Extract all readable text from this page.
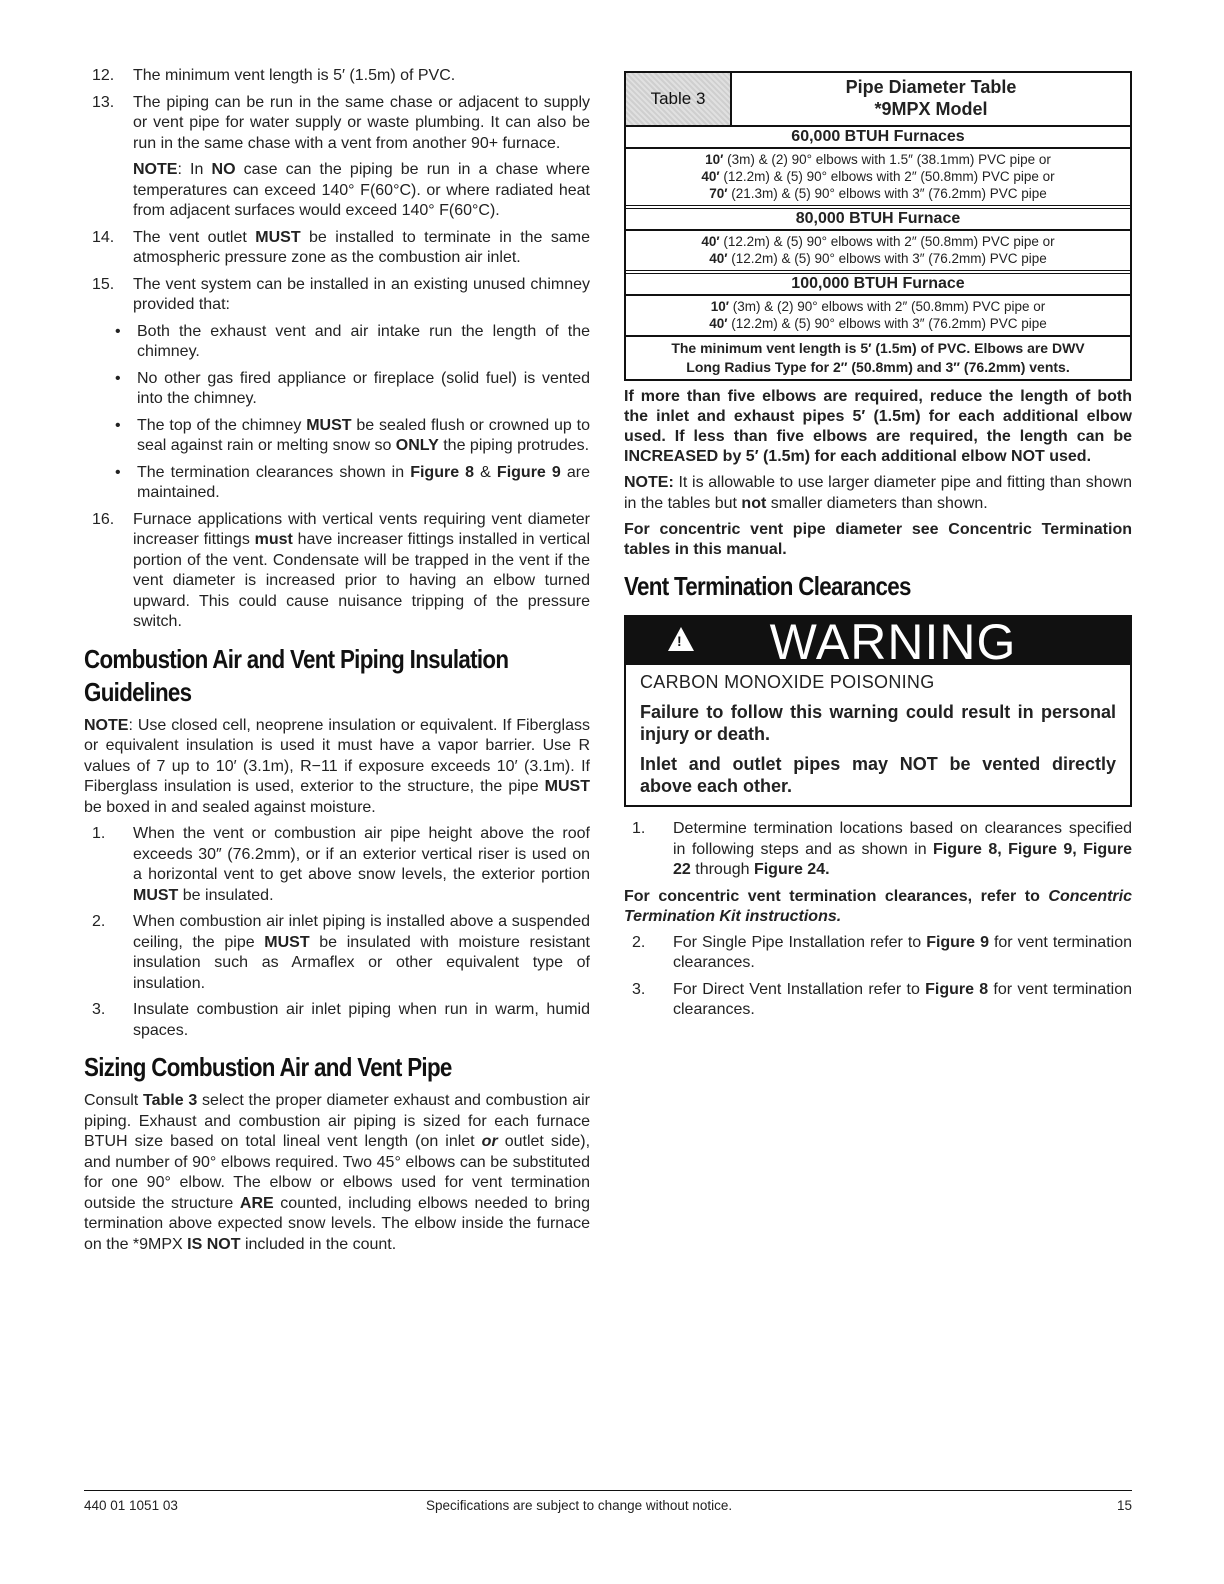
12. The minimum vent length is 5′ (1.5m) of PVC.
13. The piping can be run in the same chase or adjacent to supply or vent pipe for water supply or waste plumbing. It can also be run in the same chase with a vent from another 90+ furnace.
NOTE: In NO case can the piping be run in a chase where temperatures can exceed 140° F(60°C). or where radiated heat from adjacent surfaces would exceed 140° F(60°C).
14. The vent outlet MUST be installed to terminate in the same atmospheric pressure zone as the combustion air inlet.
15. The vent system can be installed in an existing unused chimney provided that:
• Both the exhaust vent and air intake run the length of the chimney.
• No other gas fired appliance or fireplace (solid fuel) is vented into the chimney.
• The top of the chimney MUST be sealed flush or crowned up to seal against rain or melting snow so ONLY the piping protrudes.
• The termination clearances shown in Figure 8 & Figure 9 are maintained.
16. Furnace applications with vertical vents requiring vent diameter increaser fittings must have increaser fittings installed in vertical portion of the vent. Condensate will be trapped in the vent if the vent diameter is increased prior to having an elbow turned upward. This could cause nuisance tripping of the pressure switch.
Combustion Air and Vent Piping Insulation Guidelines

NOTE: Use closed cell, neoprene insulation or equivalent. If Fiberglass or equivalent insulation is used it must have a vapor barrier. Use R values of 7 up to 10′ (3.1m), R−11 if exposure exceeds 10′ (3.1m). If Fiberglass insulation is used, exterior to the structure, the pipe MUST be boxed in and sealed against moisture.

1. When the vent or combustion air pipe height above the roof exceeds 30″ (76.2mm), or if an exterior vertical riser is used on a horizontal vent to get above snow levels, the exterior portion MUST be insulated.
2. When combustion air inlet piping is installed above a suspended ceiling, the pipe MUST be insulated with moisture resistant insulation such as Armaflex or other equivalent type of insulation.
3. Insulate combustion air inlet piping when run in warm, humid spaces.
Sizing Combustion Air and Vent Pipe

Consult Table 3 select the proper diameter exhaust and combustion air piping. Exhaust and combustion air piping is sized for each furnace BTUH size based on total lineal vent length (on inlet or outlet side), and number of 90° elbows required. Two 45° elbows can be substituted for one 90° elbow. The elbow or elbows used for vent termination outside the structure ARE counted, including elbows needed to bring termination above expected snow levels. The elbow inside the furnace on the *9MPX IS NOT included in the count.

Table 3
Pipe Diameter Table
*9MPX Model
60,000 BTUH Furnaces
10′ (3m) & (2) 90° elbows with 1.5″ (38.1mm) PVC pipe or
40′ (12.2m) & (5) 90° elbows with 2″ (50.8mm) PVC pipe or
70′ (21.3m) & (5) 90° elbows with 3″ (76.2mm) PVC pipe
80,000 BTUH Furnace
40′ (12.2m) & (5) 90° elbows with 2″ (50.8mm) PVC pipe or
40′ (12.2m) & (5) 90° elbows with 3″ (76.2mm) PVC pipe
100,000 BTUH Furnace
10′ (3m) & (2) 90° elbows with 2″ (50.8mm) PVC pipe or
40′ (12.2m) & (5) 90° elbows with 3″ (76.2mm) PVC pipe
The minimum vent length is 5′ (1.5m) of PVC. Elbows are DWV
Long Radius Type for 2″ (50.8mm) and 3″ (76.2mm) vents.
If more than five elbows are required, reduce the length of both the inlet and exhaust pipes 5′ (1.5m) for each additional elbow used. If less than five elbows are required, the length can be INCREASED by 5′ (1.5m) for each additional elbow NOT used.

NOTE: It is allowable to use larger diameter pipe and fitting than shown in the tables but not smaller diameters than shown.

For concentric vent pipe diameter see Concentric Termination tables in this manual.
Vent Termination Clearances
!	WARNING
CARBON MONOXIDE POISONING
Failure to follow this warning could result in personal injury or death.
Inlet and outlet pipes may NOT be vented directly above each other.
1. Determine termination locations based on clearances specified in following steps and as shown in Figure 8, Figure 9, Figure 22 through Figure 24.
For concentric vent termination clearances, refer to Concentric Termination Kit instructions.
2. For Single Pipe Installation refer to Figure 9 for vent termination clearances.
3. For Direct Vent Installation refer to Figure 8 for vent termination clearances.
440 01 1051 03	Specifications are subject to change without notice.	15
